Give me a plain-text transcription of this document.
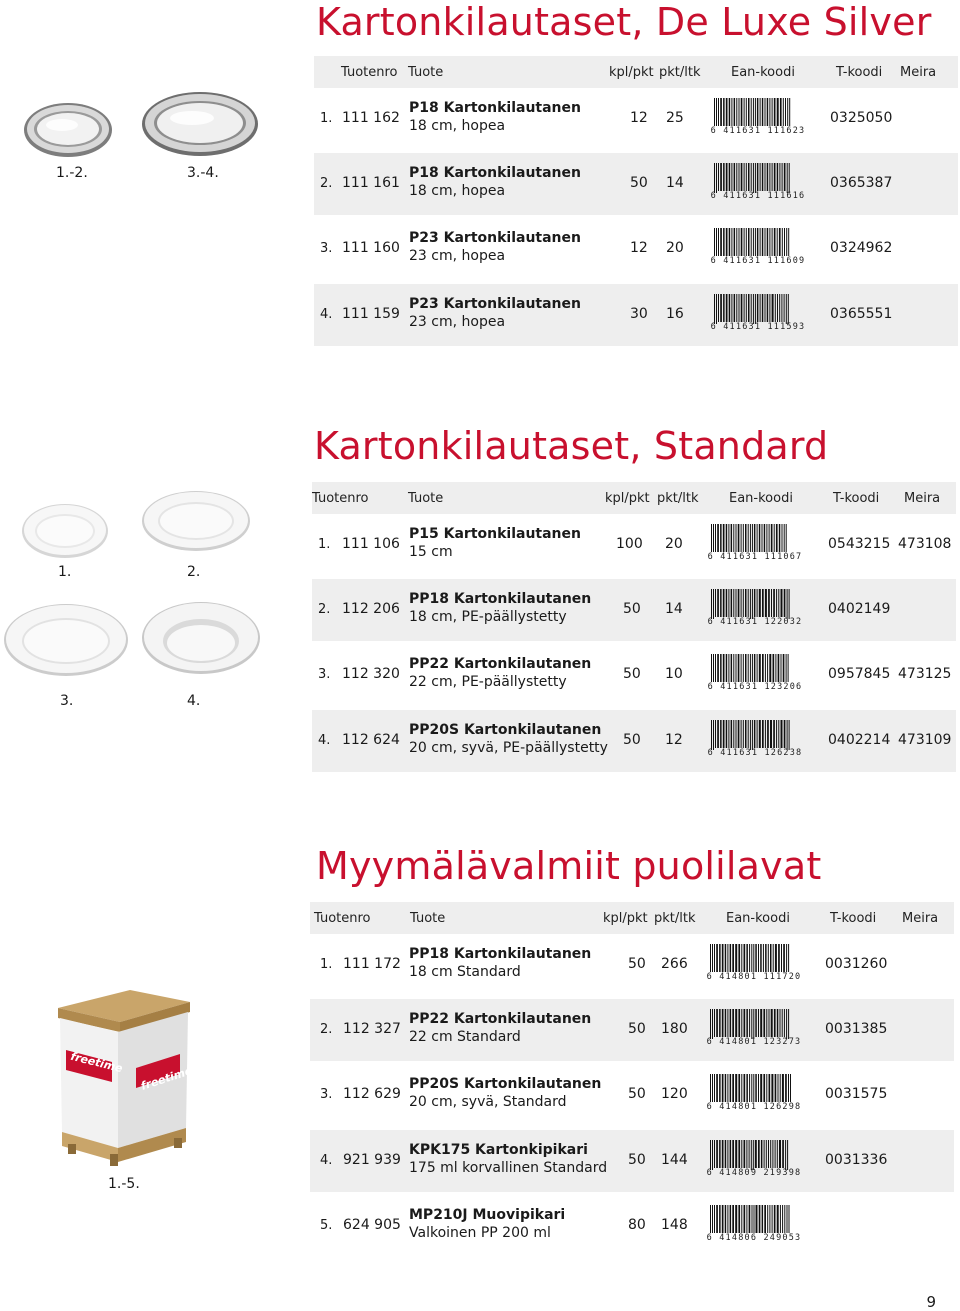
Kartonkilautaset, De Luxe Silver
1.-2.	3.-4.
Tuotenro Tuote	kpl/pkt pkt/ltk Ean-koodi	T-koodi Meira
1. 111 162
P18 Kartonkilautanen
18 cm, hopea	12 25
6 411631 111623
0325050
2. 111 161
P18 Kartonkilautanen
18 cm, hopea	50 14
6 411631 111616
0365387
3. 111 160
P23 Kartonkilautanen
23 cm, hopea	12 20
6 411631 111609
0324962
4. 111 159
P23 Kartonkilautanen
23 cm, hopea	30 16
6 411631 111593
0365551
Kartonkilautaset, Standard
1.	2.
3.	4.
Tuotenro	Tuote	kpl/pkt pkt/ltk Ean-koodi	T-koodi Meira
1. 111 106
P15 Kartonkilautanen
15 cm	100 20
6 411631 111067
0543215 473108
2. 112 206
PP18 Kartonkilautanen
18 cm, PE-päällystetty	50 14
6 411631 122032
0402149
3. 112 320
PP22 Kartonkilautanen
22 cm, PE-päällystetty	50 10
6 411631 123206
0957845 473125
4. 112 624
PP20S Kartonkilautanen
20 cm, syvä, PE-päällystetty 50 12
6 411631 126238
0402214 473109
Myymälävalmiit puolilavat
freetime
freetime
1.-5.
Tuotenro	Tuote	kpl/pkt pkt/ltk Ean-koodi	T-koodi Meira
1. 111 172
PP18 Kartonkilautanen
18 cm Standard	50 266
6 414801 111720
0031260
2. 112 327
PP22 Kartonkilautanen
22 cm Standard	50 180
6 414801 123273
0031385
3. 112 629
PP20S Kartonkilautanen
20 cm, syvä, Standard	50 120
6 414801 126298
0031575
4. 921 939
KPK175 Kartonkipikari
175 ml korvallinen Standard 50 144
6 414809 219398
0031336
5. 624 905
MP210J Muovipikari
Valkoinen PP 200 ml	80 148
6 414806 249053
9
